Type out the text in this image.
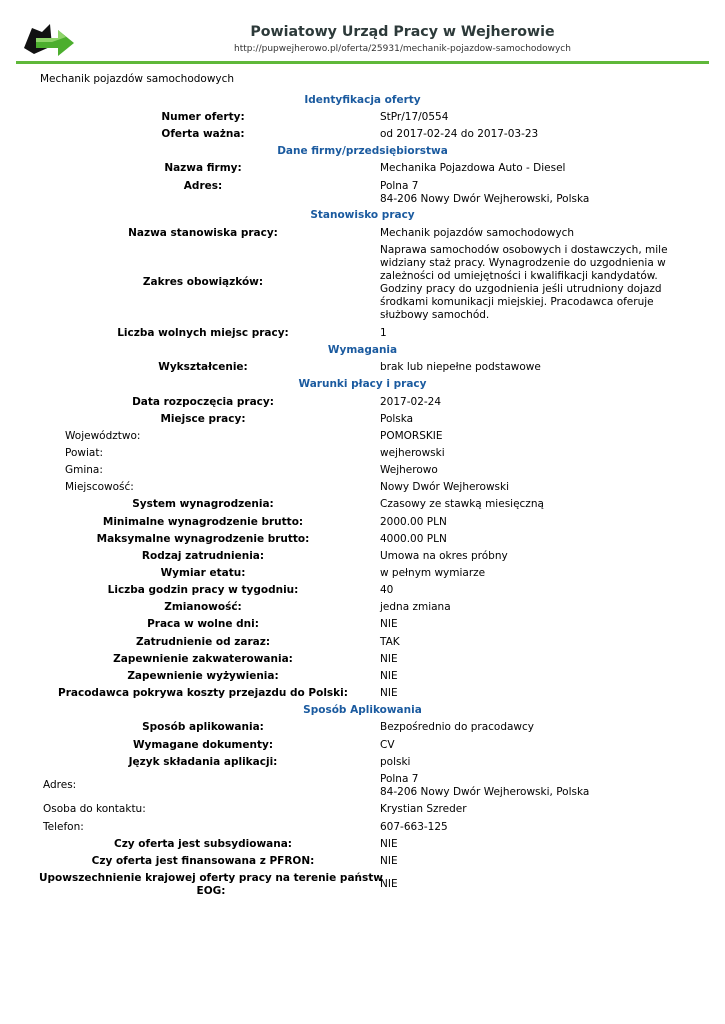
Powiatowy Urząd Pracy w Wejherowie
http://pupwejherowo.pl/oferta/25931/mechanik-pojazdow-samochodowych
Mechanik pojazdów samochodowych
Identyfikacja oferty
Numer oferty:	StPr/17/0554
Oferta ważna:	od 2017-02-24 do 2017-03-23
Dane firmy/przedsiębiorstwa
Nazwa firmy:	Mechanika Pojazdowa Auto - Diesel
Adres:	Polna 7
84-206 Nowy Dwór Wejherowski, Polska
Stanowisko pracy
Nazwa stanowiska pracy:	Mechanik pojazdów samochodowych
Zakres obowiązków:
Naprawa samochodów osobowych i dostawczych, mile
widziany staż pracy. Wynagrodzenie do uzgodnienia w
zależności od umiejętności i kwalifikacji kandydatów.
Godziny pracy do uzgodnienia jeśli utrudniony dojazd
środkami komunikacji miejskiej. Pracodawca oferuje
służbowy samochód.
Liczba wolnych miejsc pracy:	1
Wymagania
Wykształcenie:	brak lub niepełne podstawowe
Warunki płacy i pracy
Data rozpoczęcia pracy:	2017-02-24
Miejsce pracy:	Polska
Województwo:	POMORSKIE
Powiat:	wejherowski
Gmina:	Wejherowo
Miejscowość:	Nowy Dwór Wejherowski
System wynagrodzenia:	Czasowy ze stawką miesięczną
Minimalne wynagrodzenie brutto:	2000.00 PLN
Maksymalne wynagrodzenie brutto:	4000.00 PLN
Rodzaj zatrudnienia:	Umowa na okres próbny
Wymiar etatu:	w pełnym wymiarze
Liczba godzin pracy w tygodniu:	40
Zmianowość:	jedna zmiana
Praca w wolne dni:	NIE
Zatrudnienie od zaraz:	TAK
Zapewnienie zakwaterowania:	NIE
Zapewnienie wyżywienia:	NIE
Pracodawca pokrywa koszty przejazdu do Polski:	NIE
Sposób Aplikowania
Sposób aplikowania:	Bezpośrednio do pracodawcy
Wymagane dokumenty:	CV
Język składania aplikacji:	polski
Adres:	Polna 7
84-206 Nowy Dwór Wejherowski, Polska
Osoba do kontaktu:	Krystian Szreder
Telefon:	607-663-125
Czy oferta jest subsydiowana:	NIE
Czy oferta jest finansowana z PFRON:	NIE
Upowszechnienie krajowej oferty pracy na terenie państw
EOG:
NIE
